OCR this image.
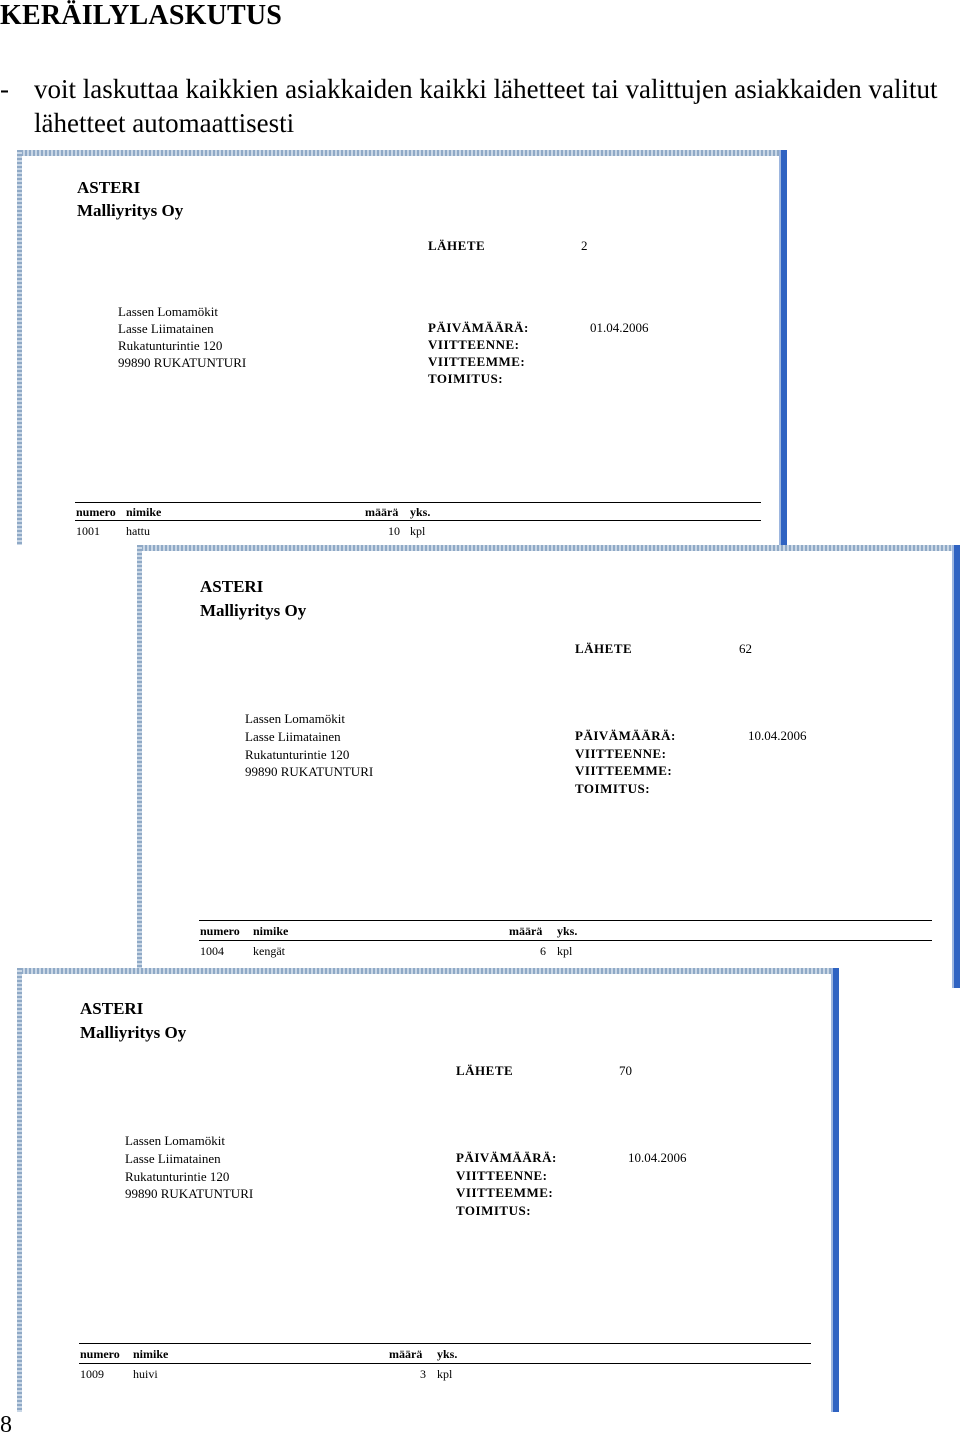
KERÄILYLASKUTUS
- voit laskuttaa kaikkien asiakkaiden kaikki lähetteet tai valittujen asiakkaiden valitut lähetteet automaattisesti
ASTERI
Malliyritys Oy
LÄHETE	2
Lassen Lomamökit
Lasse Liimatainen
Rukatunturintie 120
99890 RUKATUNTURI
PÄIVÄMÄÄRÄ:	01.04.2006
VIITTEENNE:
VIITTEEMME:
TOIMITUS:
numero nimike	määrä yks.
1001 hattu	10 kpl
ASTERI
Malliyritys Oy
LÄHETE	62
Lassen Lomamökit
Lasse Liimatainen
Rukatunturintie 120
99890 RUKATUNTURI
PÄIVÄMÄÄRÄ:	10.04.2006
VIITTEENNE:
VIITTEEMME:
TOIMITUS:
numero nimike	määrä yks.
1004 kengät	6 kpl
ASTERI
Malliyritys Oy
LÄHETE	70
Lassen Lomamökit
Lasse Liimatainen
Rukatunturintie 120
99890 RUKATUNTURI
PÄIVÄMÄÄRÄ:	10.04.2006
VIITTEENNE:
VIITTEEMME:
TOIMITUS:
numero nimike	määrä yks.
1009 huivi	3 kpl
8
